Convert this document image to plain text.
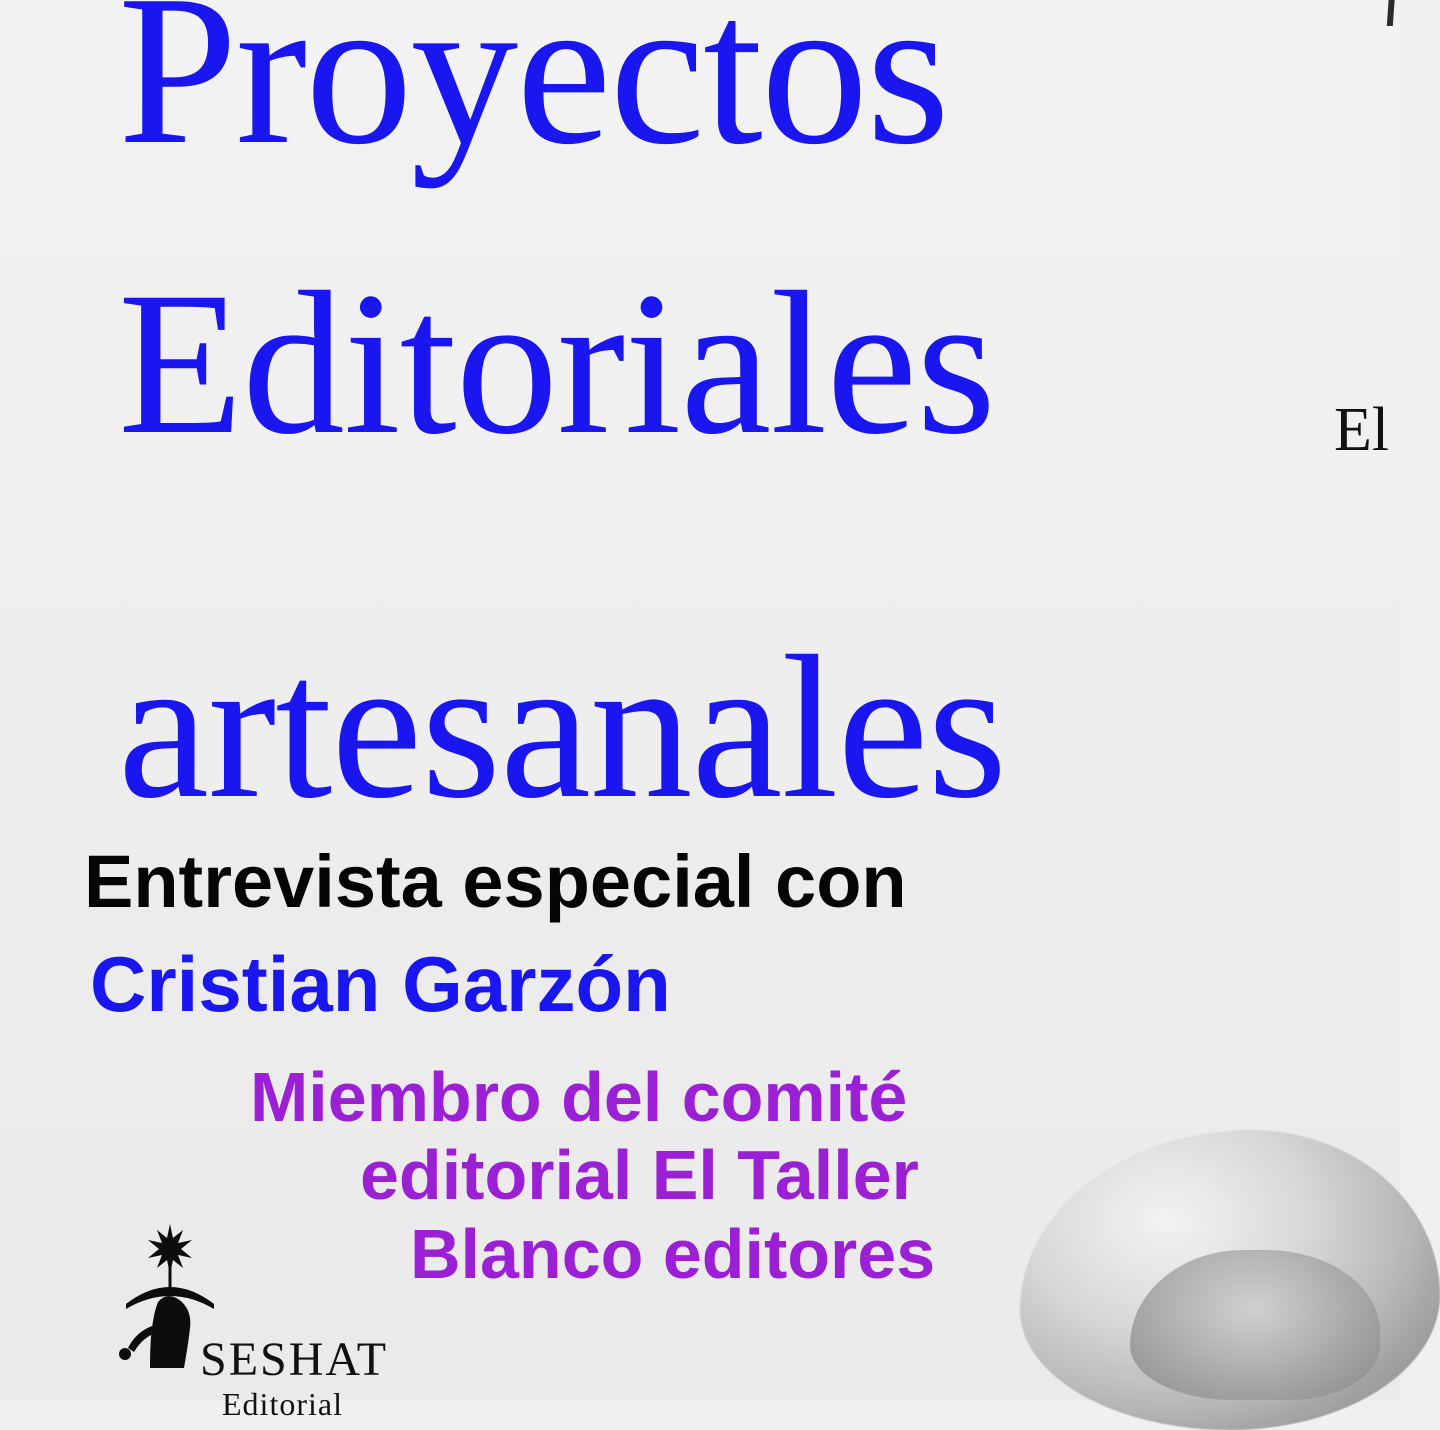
Proyectos
Editoriales
artesanales
El
Entrevista especial con
Cristian Garzón
Miembro del comité
editorial El Taller
Blanco editores
SESHAT
Editorial
